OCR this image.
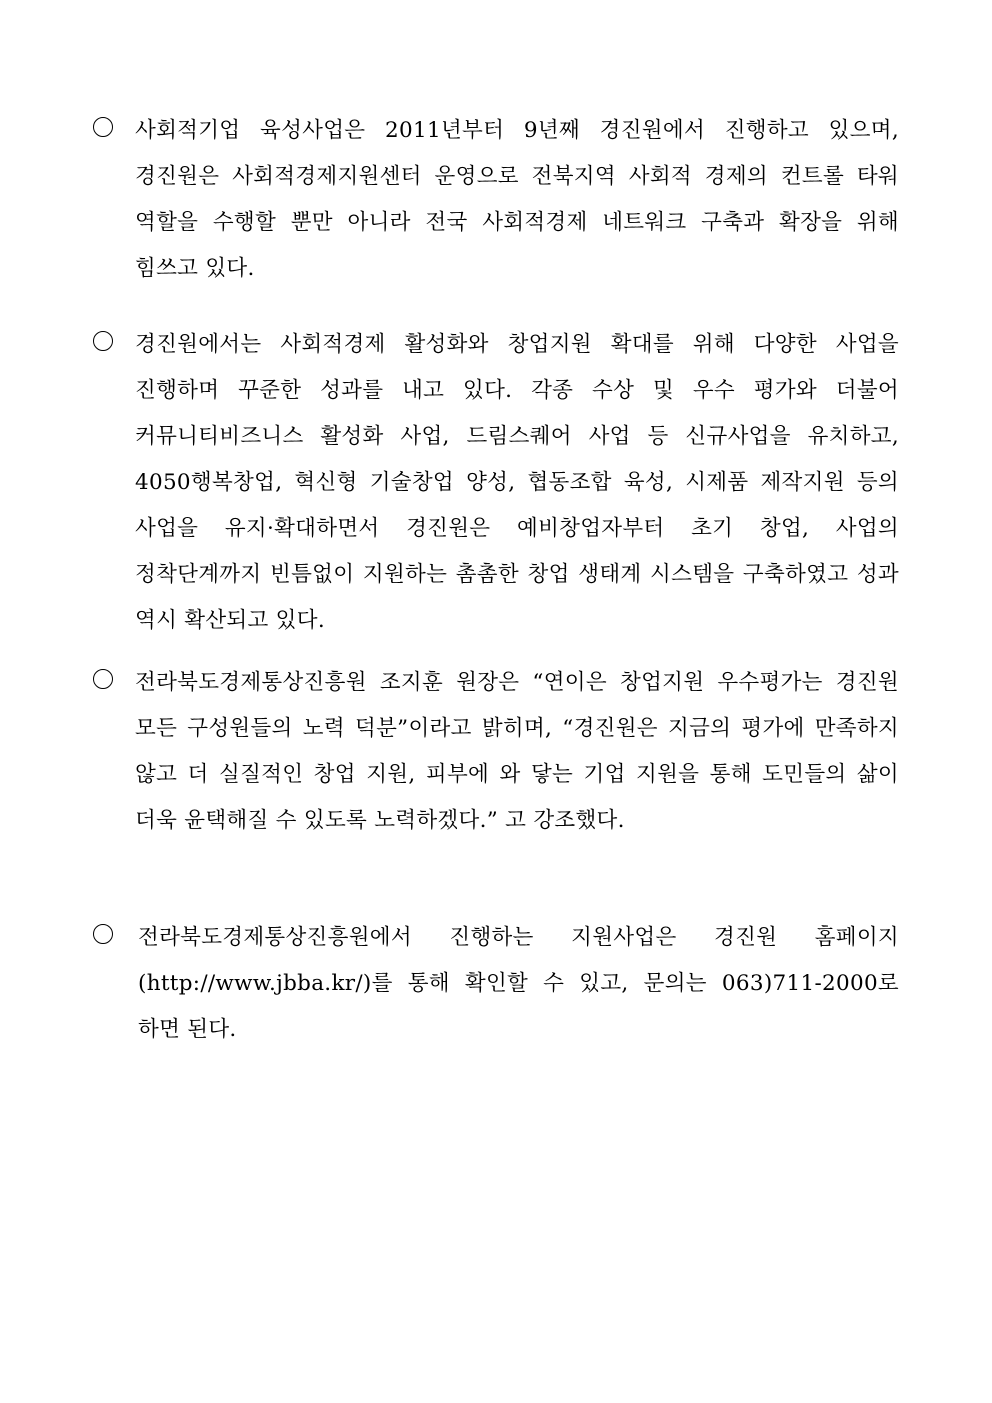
사회적기업 육성사업은 2011년부터 9년째 경진원에서 진행하고 있으며, 경진원은 사회적경제지원센터 운영으로 전북지역 사회적 경제의 컨트롤 타워 역할을 수행할 뿐만 아니라 전국 사회적경제 네트워크 구축과 확장을 위해 힘쓰고 있다.
경진원에서는 사회적경제 활성화와 창업지원 확대를 위해 다양한 사업을 진행하며 꾸준한 성과를 내고 있다. 각종 수상 및 우수 평가와 더불어 커뮤니티비즈니스 활성화 사업, 드림스퀘어 사업 등 신규사업을 유치하고, 4050행복창업, 혁신형 기술창업 양성, 협동조합 육성, 시제품 제작지원 등의 사업을 유지·확대하면서 경진원은 예비창업자부터 초기 창업, 사업의 정착단계까지 빈틈없이 지원하는 촘촘한 창업 생태계 시스템을 구축하였고 성과 역시 확산되고 있다.
전라북도경제통상진흥원 조지훈 원장은 “연이은 창업지원 우수평가는 경진원 모든 구성원들의 노력 덕분”이라고 밝히며, “경진원은 지금의 평가에 만족하지 않고 더 실질적인 창업 지원, 피부에 와 닿는 기업 지원을 통해 도민들의 삶이 더욱 윤택해질 수 있도록 노력하겠다.” 고 강조했다.
전라북도경제통상진흥원에서 진행하는 지원사업은 경진원 홈페이지(http://www.jbba.kr/)를 통해 확인할 수 있고, 문의는 063)711-2000로 하면 된다.
